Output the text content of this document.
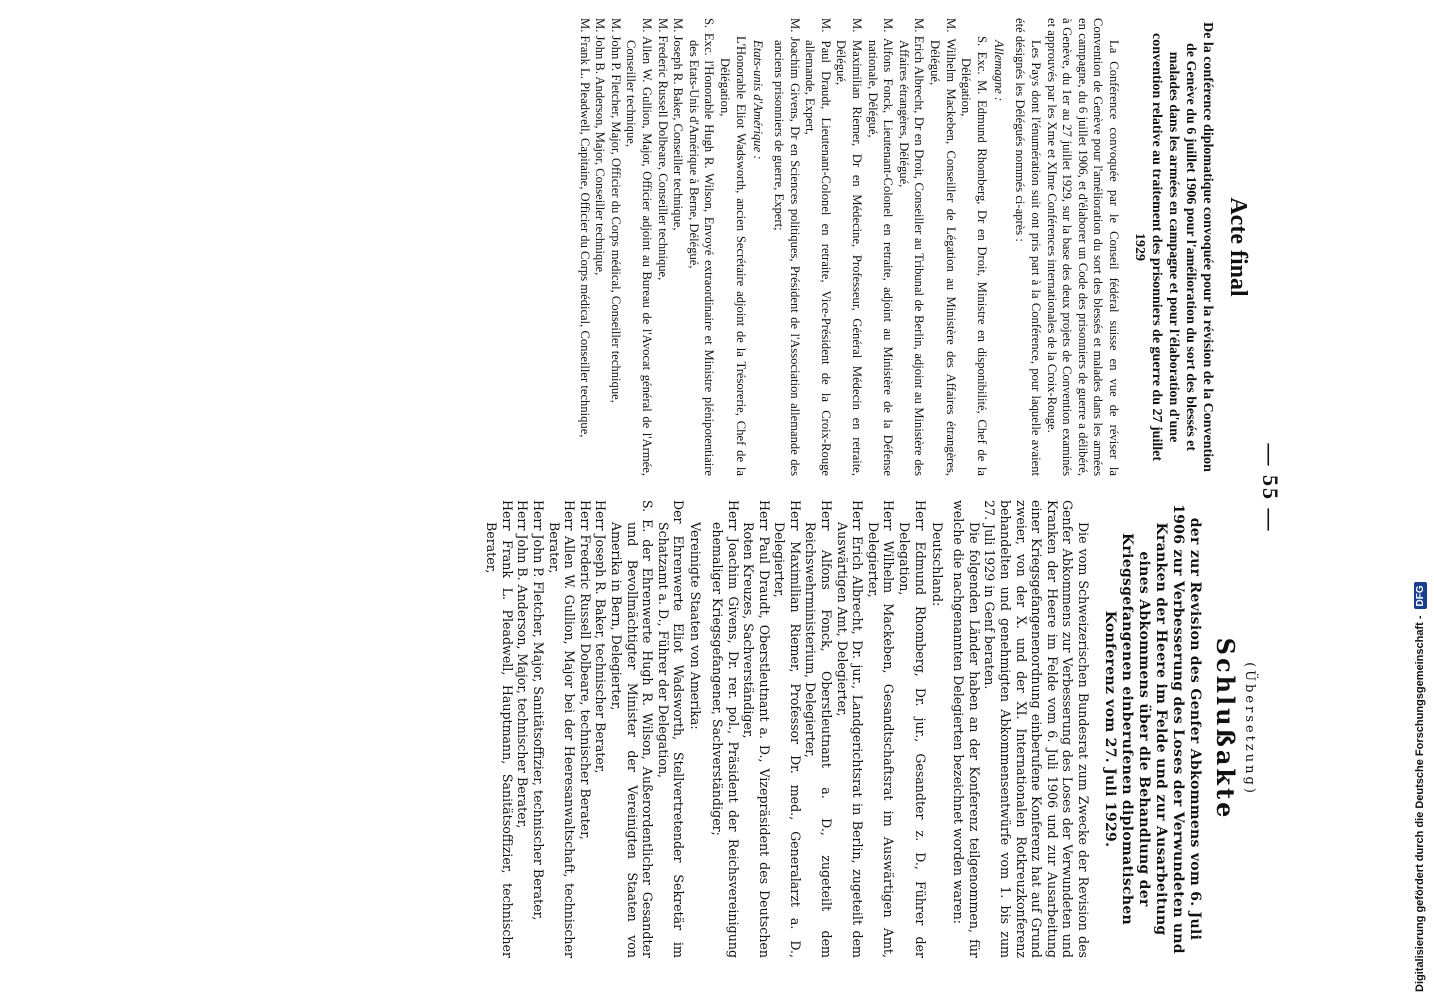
— 55 —
Acte final
De la conférence diplomatique convoquée pour la révision de la Convention de Genève du 6 juillet 1906 pour l'amélioration du sort des blessés et malades dans les armées en campagne et pour l'élaboration d'une convention relative au traitement des prisonniers de guerre du 27 juillet 1929

La Conférence convoquée par le Conseil fédéral suisse en vue de réviser la Convention de Genève pour l'amélioration du sort des blessés et malades dans les armées en campagne, du 6 juillet 1906, et d'élaborer un Code des prisonniers de guerre a délibéré, à Genève, du 1er au 27 juillet 1929, sur la base des deux projets de Convention examinés et approuvés par les Xme et XIme Conférences internationales de la Croix-Rouge.

Les Pays dont l'énumération suit ont pris part à la Conférence, pour laquelle avaient été désignés les Délégués nommés ci-après :

Allemagne :

S. Exc. M. Edmund Rhomberg, Dr en Droit, Ministre en disponibilité, Chef de la Délégation,

M. Wilhelm Mackeben, Conseiller de Légation au Ministère des Affaires étrangères, Délégué,

M. Erich Albrecht, Dr en Droit, Conseiller au Tribunal de Berlin, adjoint au Ministère des Affaires étrangères, Délégué,

M. Alfons Fonck, Lieutenant-Colonel en retraite, adjoint au Ministère de la Défense nationale, Délégué,

M. Maximilian Riemer, Dr en Médecine, Professeur, Général Médecin en retraite, Délégué,

M. Paul Draudt, Lieutenant-Colonel en retraite, Vice-Président de la Croix-Rouge allemande, Expert,

M. Joachim Givens, Dr en Sciences politiques, Président de l'Association allemande des anciens prisonniers de guerre, Expert;

Etats-unis d'Amérique :

L'Honorable Eliot Wadsworth, ancien Secrétaire adjoint de la Trésorerie, Chef de la Délégation,

S. Exc. l'Honorable Hugh R. Wilson, Envoyé extraordinaire et Ministre plénipotentiaire des Etats-Unis d'Amérique à Berne, Délégué,

M. Joseph R. Baker, Conseiller technique,

M. Frederic Russell Dolbeare, Conseiller technique,

M. Allen W. Gullion, Major, Officier adjoint au Bureau de l'Avocat général de l'Armée, Conseiller technique,

M. John P. Fletcher, Major, Officier du Corps médical, Conseiller technique,

M. John B. Anderson, Major, Conseiller technique,

M. Frank L. Pleadwell, Capitaine, Officier du Corps médical, Conseiller technique,

(Übersetzung)
Schlußakte
der zur Revision des Genfer Abkommens vom 6. Juli 1906 zur Verbesserung des Loses der Verwundeten und Kranken der Heere im Felde und zur Ausarbeitung eines Abkommens über die Behandlung der Kriegsgefangenen einberufenen diplomatischen Konferenz vom 27. Juli 1929.

Die vom Schweizerischen Bundesrat zum Zwecke der Revision des Genfer Abkommens zur Verbesserung des Loses der Verwundeten und Kranken der Heere im Felde vom 6. Juli 1906 und zur Ausarbeitung einer Kriegsgefangenenordnung einberufene Konferenz hat auf Grund zweier, von der X. und der XI. Internationalen Rotkreuzkonferenz behandelten und genehmigten Abkommensentwürfe vom 1. bis zum 27. Juli 1929 in Genf beraten.

Die folgenden Länder haben an der Konferenz teilgenommen, für welche die nachgenannten Delegierten bezeichnet worden waren:

Deutschland:

Herr Edmund Rhomberg, Dr. jur., Gesandter z. D., Führer der Delegation,

Herr Wilhelm Mackeben, Gesandtschaftsrat im Auswärtigen Amt, Delegierter,

Herr Erich Albrecht, Dr. jur., Landgerichtsrat in Berlin, zugeteilt dem Auswärtigen Amt, Delegierter,

Herr Alfons Fonck, Oberstleutnant a. D., zugeteilt dem Reichswehrministerium, Delegierter,

Herr Maximilian Riemer, Professor Dr. med., Generalarzt a. D., Delegierter,

Herr Paul Draudt, Oberstleutnant a. D., Vizepräsident des Deutschen Roten Kreuzes, Sachverständiger,

Herr Joachim Givens, Dr. rer. pol., Präsident der Reichsvereinigung ehemaliger Kriegsgefangener, Sachverständiger;

Vereinigte Staaten von Amerika:

Der Ehrenwerte Eliot Wadsworth, Stellvertretender Sekretär im Schatzamt a. D., Führer der Delegation,

S. E. der Ehrenwerte Hugh R. Wilson, Außerordentlicher Gesandter und Bevollmächtigter Minister der Vereinigten Staaten von Amerika in Bern, Delegierter,

Herr Joseph R. Baker, technischer Berater,

Herr Frederic Russell Dolbeare, technischer Berater,

Herr Allen W. Gullion, Major bei der Heeresanwaltschaft, technischer Berater,

Herr John P. Fletcher, Major, Sanitätsoffizier, technischer Berater,

Herr John B. Anderson, Major, technischer Berater,

Herr Frank L. Pleadwell, Hauptmann, Sanitätsoffizier, technischer Berater,

Digitalisierung gefördert durch die Deutsche Forschungsgemeinschaft -
DFG
